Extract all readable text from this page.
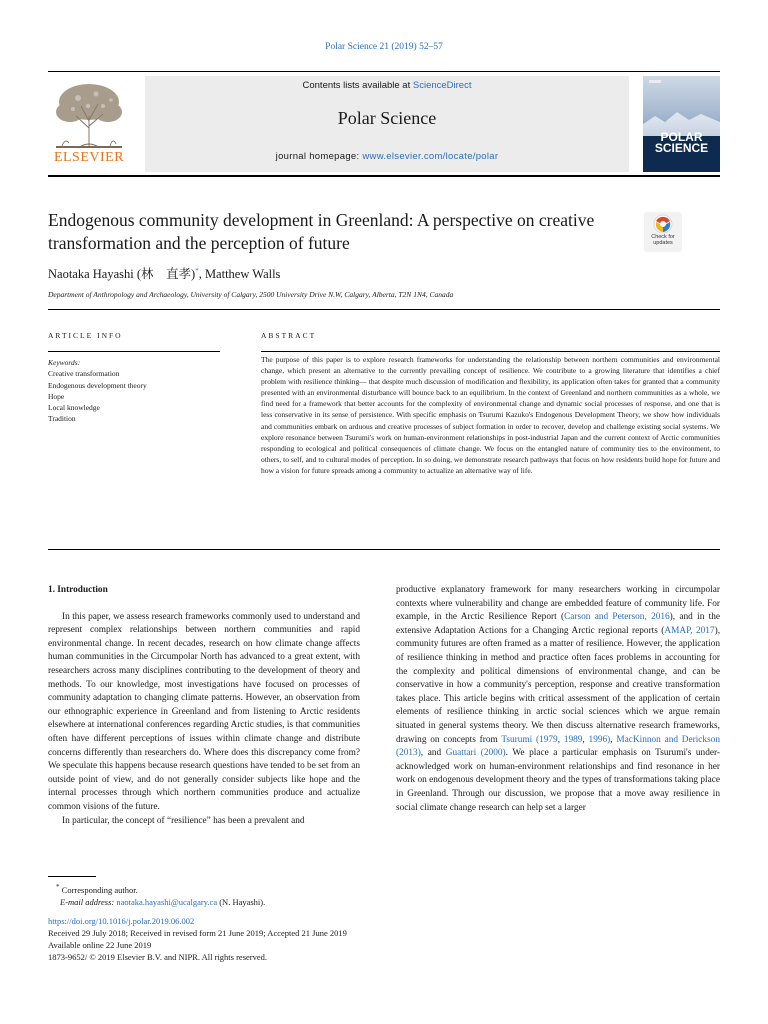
Polar Science 21 (2019) 52–57
Contents lists available at ScienceDirect
Polar Science
journal homepage: www.elsevier.com/locate/polar
ELSEVIER
POLAR SCIENCE
Endogenous community development in Greenland: A perspective on creative transformation and the perception of future	Check for updates
Naotaka Hayashi (林　直孝)*, Matthew Walls
Department of Anthropology and Archaeology, University of Calgary, 2500 University Drive N.W, Calgary, Alberta, T2N 1N4, Canada
ARTICLE INFO	ABSTRACT
Keywords:
Creative transformation
Endogenous development theory
Hope
Local knowledge
Tradition
The purpose of this paper is to explore research frameworks for understanding the relationship between northern communities and environmental change, which present an alternative to the currently prevailing concept of resilience. We contribute to a growing literature that identifies a chief problem with resilience thinking— that despite much discussion of modification and flexibility, its application often takes for granted that a community presented with an environmental disturbance will bounce back to an equilibrium. In the context of Greenland and northern communities as a whole, we find need for a framework that better accounts for the complexity of environmental change and dynamic social processes of response, and one that is less conservative in its sense of persistence. With specific emphasis on Tsurumi Kazuko's Endogenous Development Theory, we show how individuals and communities embark on arduous and creative processes of subject formation in order to recover, develop and challenge existing social systems. We explore resonance between Tsurumi's work on human-environment relationships in post-industrial Japan and the current context of Arctic communities responding to ecological and political consequences of climate change. We focus on the entangled nature of community ties to the environment, to others, to self, and to cultural modes of perception. In so doing, we demonstrate research pathways that focus on how residents build hope for future and how a vision for future spreads among a community to actualize an alternative way of life.
1. Introduction

In this paper, we assess research frameworks commonly used to understand and represent complex relationships between northern communities and rapid environmental change. In recent decades, research on how climate change affects human communities in the Circumpolar North has advanced to a great extent, with researchers across many disciplines contributing to the development of theory and methods. To our knowledge, most investigations have focused on processes of community adaptation to changing climate patterns. However, an observation from our ethnographic experience in Greenland and from listening to Arctic residents elsewhere at international conferences regarding Arctic studies, is that communities often have different perceptions of issues within climate change and distribute concerns differently than researchers do. Where does this discrepancy come from? We speculate this happens because research questions have tended to be set from an outside point of view, and do not generally consider subjects like hope and the internal processes through which northern communities produce and actualize common visions of the future.

In particular, the concept of “resilience” has been a prevalent and

productive explanatory framework for many researchers working in circumpolar contexts where vulnerability and change are embedded feature of community life. For example, in the Arctic Resilience Report (Carson and Peterson, 2016), and in the extensive Adaptation Actions for a Changing Arctic regional reports (AMAP, 2017), community futures are often framed as a matter of resilience. However, the application of resilience thinking in method and practice often faces problems in accounting for the complexity and political dimensions of environmental change, and can be conservative in how a community's perception, response and creative transformation takes place. This article begins with critical assessment of the application of certain elements of resilience thinking in arctic social sciences which we argue remain situated in general systems theory. We then discuss alternative research frameworks, drawing on concepts from Tsurumi (1979, 1989, 1996), MacKinnon and Derickson (2013), and Guattari (2000). We place a particular emphasis on Tsurumi's under-acknowledged work on human-environment relationships and find resonance in her work on endogenous development theory and the types of transformations taking place in Greenland. Through our discussion, we propose that a move away resilience in social climate change research can help set a larger

* Corresponding author.
E-mail address: naotaka.hayashi@ucalgary.ca (N. Hayashi).
https://doi.org/10.1016/j.polar.2019.06.002
Received 29 July 2018; Received in revised form 21 June 2019; Accepted 21 June 2019
Available online 22 June 2019
1873-9652/ © 2019 Elsevier B.V. and NIPR. All rights reserved.
